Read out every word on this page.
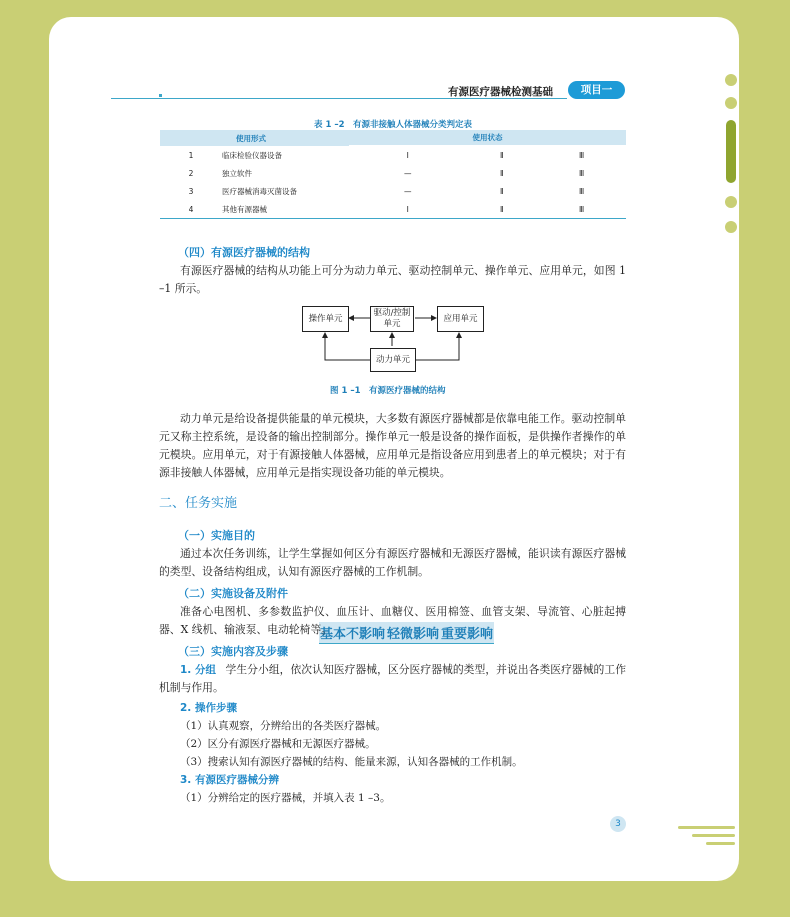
有源医疗器械检测基础	项目一
表 1 –2　有源非接触人体器械分类判定表
	使用形式	使用状态

基本不影响	轻微影响	重要影响
1	临床检验仪器设备	Ⅰ	Ⅱ	Ⅲ
2	独立软件	—	Ⅱ	Ⅲ
3	医疗器械消毒灭菌设备	—	Ⅱ	Ⅲ
4	其他有源器械	Ⅰ	Ⅱ	Ⅲ
（四）有源医疗器械的结构
有源医疗器械的结构从功能上可分为动力单元、驱动控制单元、操作单元、应用单元，如图 1 –1 所示。
操作单元
驱动/控制单元	应用单元
动力单元
图 1 –1　有源医疗器械的结构
动力单元是给设备提供能量的单元模块，大多数有源医疗器械都是依靠电能工作。驱动控制单元又称主控系统，是设备的输出控制部分。操作单元一般是设备的操作面板，是供操作者操作的单元模块。应用单元，对于有源接触人体器械，应用单元是指设备应用到患者上的单元模块；对于有源非接触人体器械，应用单元是指实现设备功能的单元模块。
二、任务实施
（一）实施目的
通过本次任务训练，让学生掌握如何区分有源医疗器械和无源医疗器械，能识读有源医疗器械的类型、设备结构组成，认知有源医疗器械的工作机制。
（二）实施设备及附件
准备心电图机、多参数监护仪、血压计、血糖仪、医用棉签、血管支架、导流管、心脏起搏器、X 线机、输液泵、电动轮椅等。
（三）实施内容及步骤
1. 分组 学生分小组，依次认知医疗器械，区分医疗器械的类型，并说出各类医疗器械的工作机制与作用。
2. 操作步骤
（1）认真观察，分辨给出的各类医疗器械。
（2）区分有源医疗器械和无源医疗器械。
（3）搜索认知有源医疗器械的结构、能量来源，认知各器械的工作机制。
3. 有源医疗器械分辨
（1）分辨给定的医疗器械，并填入表 1 –3。
3
